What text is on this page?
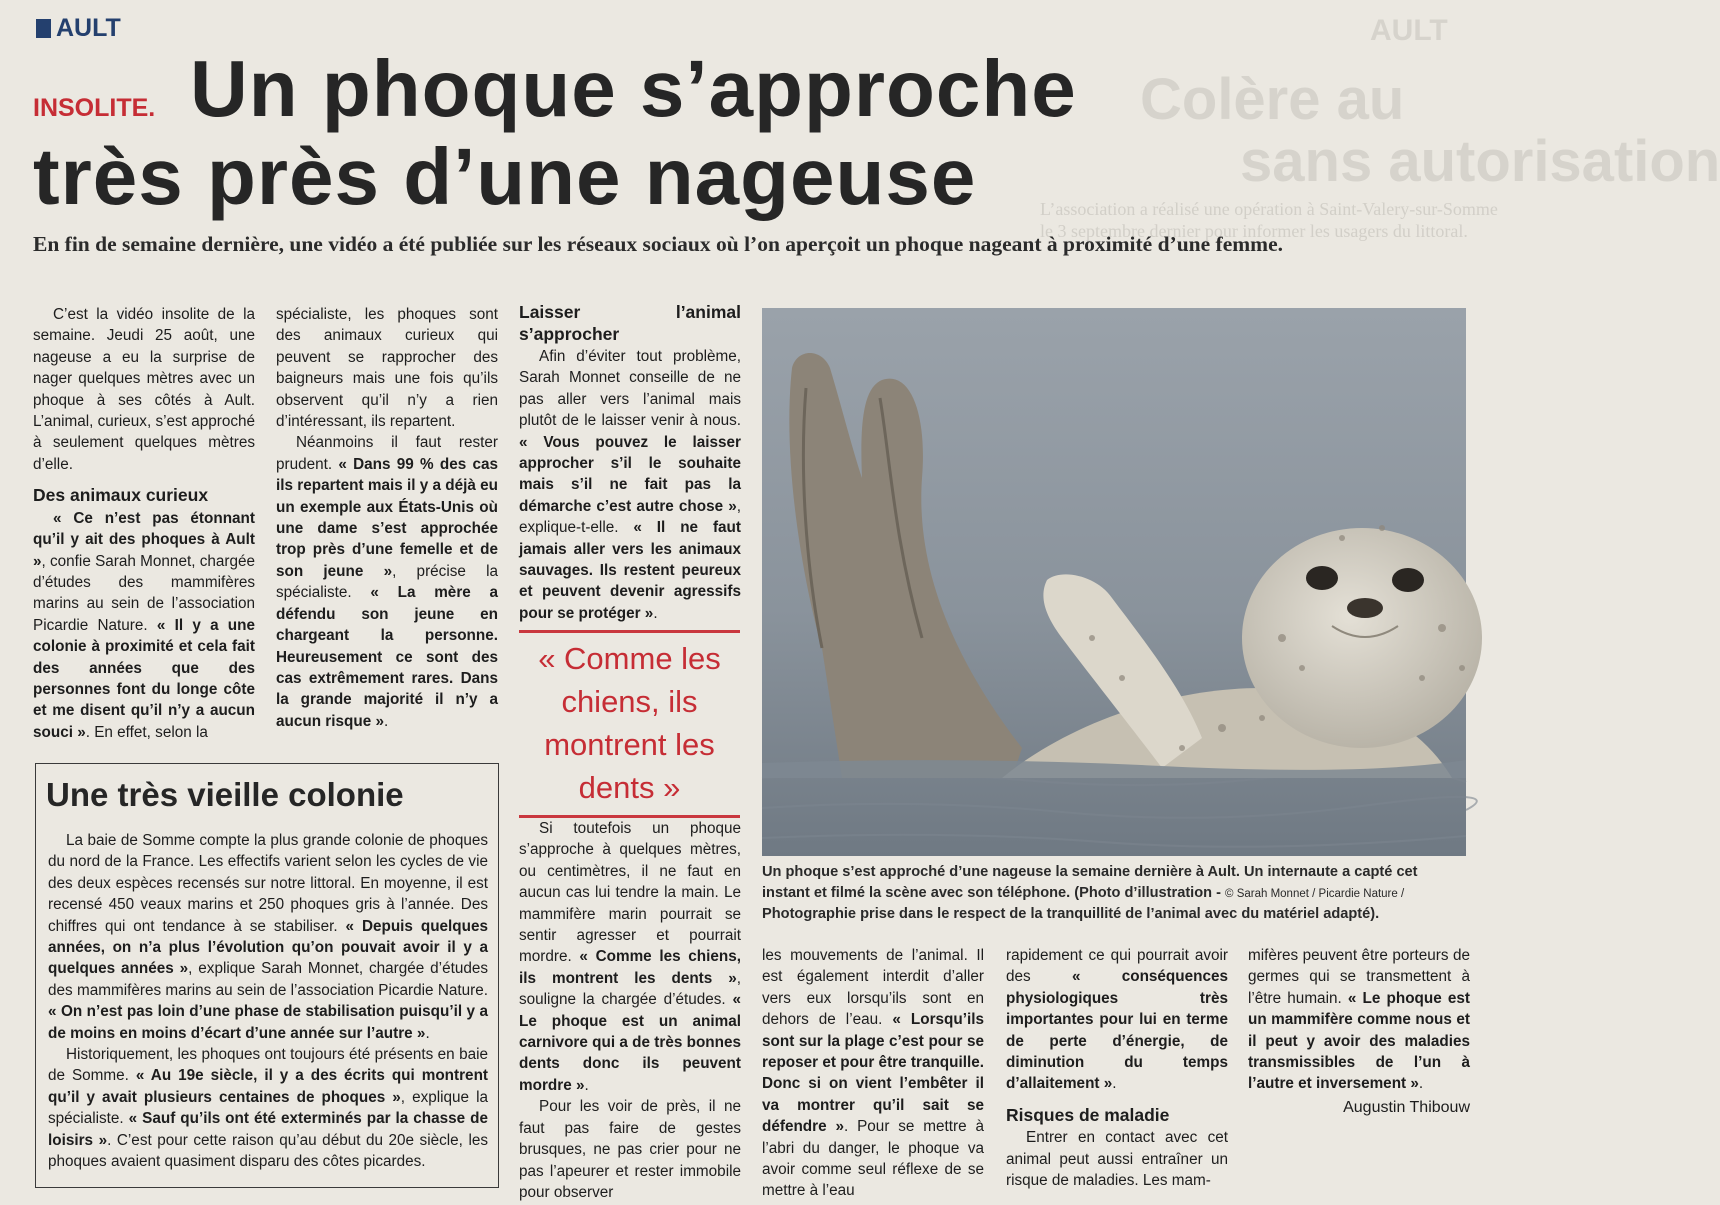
AULT
Colère au
sans autorisation
L’association a réalisé une opération à Saint-Valery-sur-Somme le 3 septembre dernier pour informer les usagers du littoral.
AULT
INSOLITE. Un phoque s’approche
très près d’une nageuse
En fin de semaine dernière, une vidéo a été publiée sur les réseaux sociaux où l’on aperçoit un phoque nageant à proximité d’une femme.

C’est la vidéo insolite de la semaine. Jeudi 25 août, une nageuse a eu la surprise de nager quelques mètres avec un phoque à ses côtés à Ault. L’animal, curieux, s’est approché à seulement quelques mètres d’elle.

Des animaux curieux

« Ce n’est pas étonnant qu’il y ait des phoques à Ault », confie Sarah Monnet, chargée d’études des mammifères marins au sein de l’association Picardie Nature. « Il y a une colonie à proximité et cela fait des années que des personnes font du longe côte et me disent qu’il n’y a aucun souci ». En effet, selon la

spécialiste, les phoques sont des animaux curieux qui peuvent se rapprocher des baigneurs mais une fois qu’ils observent qu’il n’y a rien d’intéressant, ils repartent.

Néanmoins il faut rester prudent. « Dans 99 % des cas ils repartent mais il y a déjà eu un exemple aux États-Unis où une dame s’est approchée trop près d’une femelle et de son jeune », précise la spécialiste. « La mère a défendu son jeune en chargeant la personne. Heureusement ce sont des cas extrêmement rares. Dans la grande majorité il n’y a aucun risque ».

Laisser l’animal s’approcher

Afin d’éviter tout problème, Sarah Monnet conseille de ne pas aller vers l’animal mais plutôt de le laisser venir à nous. « Vous pouvez le laisser approcher s’il le souhaite mais s’il ne fait pas la démarche c’est autre chose », explique-t-elle. « Il ne faut jamais aller vers les animaux sauvages. Ils restent peureux et peuvent devenir agressifs pour se protéger ».

« Comme les chiens, ils montrent les dents »

Si toutefois un phoque s’approche à quelques mètres, ou centimètres, il ne faut en aucun cas lui tendre la main. Le mammifère marin pourrait se sentir agresser et pourrait mordre. « Comme les chiens, ils montrent les dents », souligne la chargée d’études. « Le phoque est un animal carnivore qui a de très bonnes dents donc ils peuvent mordre ».

Pour les voir de près, il ne faut pas faire de gestes brusques, ne pas crier pour ne pas l’apeurer et rester immobile pour observer

Un phoque s’est approché d’une nageuse la semaine dernière à Ault. Un internaute a capté cet instant et filmé la scène avec son téléphone. (Photo d’illustration - © Sarah Monnet / Picardie Nature / Photographie prise dans le respect de la tranquillité de l’animal avec du matériel adapté).

les mouvements de l’animal. Il est également interdit d’aller vers eux lorsqu’ils sont en dehors de l’eau. « Lorsqu’ils sont sur la plage c’est pour se reposer et pour être tranquille. Donc si on vient l’embêter il va montrer qu’il sait se défendre ». Pour se mettre à l’abri du danger, le phoque va avoir comme seul réflexe de se mettre à l’eau

rapidement ce qui pourrait avoir des « conséquences physiologiques très importantes pour lui en terme de perte d’énergie, de diminution du temps d’allaitement ».

Risques de maladie

Entrer en contact avec cet animal peut aussi entraîner un risque de maladies. Les mam-

mifères peuvent être porteurs de germes qui se transmettent à l’être humain. « Le phoque est un mammifère comme nous et il peut y avoir des maladies transmissibles de l’un à l’autre et inversement ».

Augustin Thibouw
Une très vieille colonie

La baie de Somme compte la plus grande colonie de phoques du nord de la France. Les effectifs varient selon les cycles de vie des deux espèces recensés sur notre littoral. En moyenne, il est recensé 450 veaux marins et 250 phoques gris à l’année. Des chiffres qui ont tendance à se stabiliser. « Depuis quelques années, on n’a plus l’évolution qu’on pouvait avoir il y a quelques années », explique Sarah Monnet, chargée d’études des mammifères marins au sein de l’association Picardie Nature. « On n’est pas loin d’une phase de stabilisation puisqu’il y a de moins en moins d’écart d’une année sur l’autre ».

Historiquement, les phoques ont toujours été présents en baie de Somme. « Au 19e siècle, il y a des écrits qui montrent qu’il y avait plusieurs centaines de phoques », explique la spécialiste. « Sauf qu’ils ont été exterminés par la chasse de loisirs ». C’est pour cette raison qu’au début du 20e siècle, les phoques avaient quasiment disparu des côtes picardes.
